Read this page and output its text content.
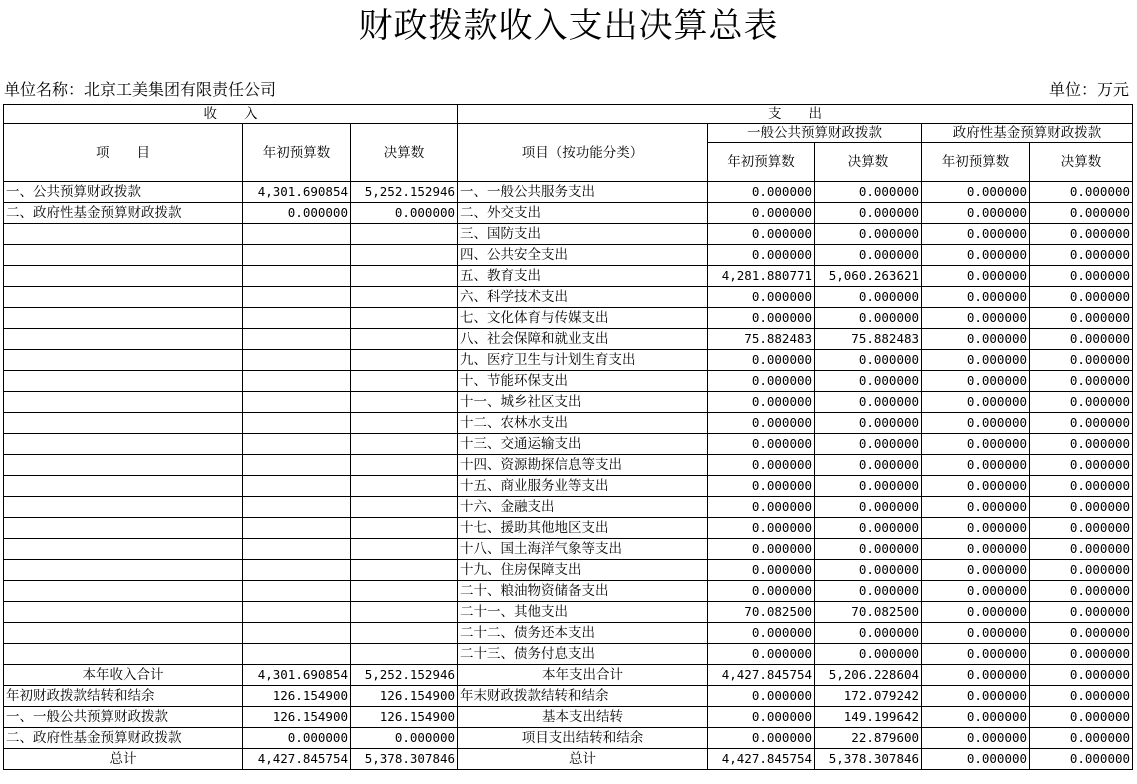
财政拨款收入支出决算总表
单位名称：北京工美集团有限责任公司	单位：万元
收　　入			支　　出				
项　　目	年初预算数	决算数	项目（按功能分类）	一般公共预算财政拨款		政府性基金预算财政拨款	
				年初预算数	决算数	年初预算数	决算数
一、公共预算财政拨款	4,301.690854	5,252.152946	一、一般公共服务支出	0.000000	0.000000	0.000000	0.000000
二、政府性基金预算财政拨款	0.000000	0.000000	二、外交支出	0.000000	0.000000	0.000000	0.000000
			三、国防支出	0.000000	0.000000	0.000000	0.000000
			四、公共安全支出	0.000000	0.000000	0.000000	0.000000
			五、教育支出	4,281.880771	5,060.263621	0.000000	0.000000
			六、科学技术支出	0.000000	0.000000	0.000000	0.000000
			七、文化体育与传媒支出	0.000000	0.000000	0.000000	0.000000
			八、社会保障和就业支出	75.882483	75.882483	0.000000	0.000000
			九、医疗卫生与计划生育支出	0.000000	0.000000	0.000000	0.000000
			十、节能环保支出	0.000000	0.000000	0.000000	0.000000
			十一、城乡社区支出	0.000000	0.000000	0.000000	0.000000
			十二、农林水支出	0.000000	0.000000	0.000000	0.000000
			十三、交通运输支出	0.000000	0.000000	0.000000	0.000000
			十四、资源勘探信息等支出	0.000000	0.000000	0.000000	0.000000
			十五、商业服务业等支出	0.000000	0.000000	0.000000	0.000000
			十六、金融支出	0.000000	0.000000	0.000000	0.000000
			十七、援助其他地区支出	0.000000	0.000000	0.000000	0.000000
			十八、国土海洋气象等支出	0.000000	0.000000	0.000000	0.000000
			十九、住房保障支出	0.000000	0.000000	0.000000	0.000000
			二十、粮油物资储备支出	0.000000	0.000000	0.000000	0.000000
			二十一、其他支出	70.082500	70.082500	0.000000	0.000000
			二十二、债务还本支出	0.000000	0.000000	0.000000	0.000000
			二十三、债务付息支出	0.000000	0.000000	0.000000	0.000000
本年收入合计	4,301.690854	5,252.152946	本年支出合计	4,427.845754	5,206.228604	0.000000	0.000000
年初财政拨款结转和结余	126.154900	126.154900	年末财政拨款结转和结余	0.000000	172.079242	0.000000	0.000000
一、一般公共预算财政拨款	126.154900	126.154900	基本支出结转	0.000000	149.199642	0.000000	0.000000
二、政府性基金预算财政拨款	0.000000	0.000000	项目支出结转和结余	0.000000	22.879600	0.000000	0.000000
总计	4,427.845754	5,378.307846	总计	4,427.845754	5,378.307846	0.000000	0.000000
